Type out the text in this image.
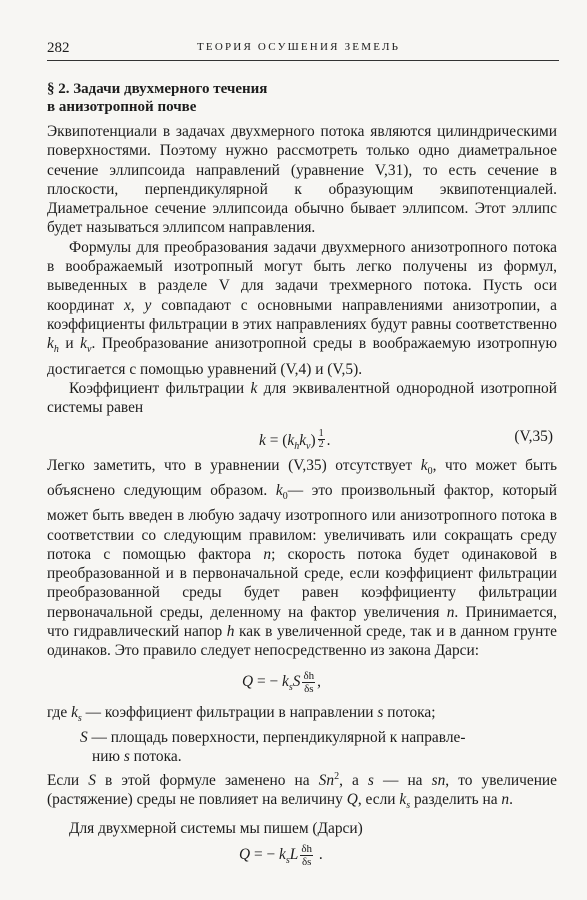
282	ТЕОРИЯ ОСУШЕНИЯ ЗЕМЕЛЬ
§ 2. Задачи двухмерного течения
в анизотропной почве

Эквипотенциали в задачах двухмерного потока являются цилиндрическими поверхностями. Поэтому нужно рассмотреть только одно диаметральное сечение эллипсоида направлений (уравнение V,31), то есть сечение в плоскости, перпендикулярной к образующим эквипотенциалей. Диаметральное сечение эллипсоида обычно бывает эллипсом. Этот эллипс будет называться эллипсом направления.

Формулы для преобразования задачи двухмерного анизотропного потока в воображаемый изотропный могут быть легко получены из формул, выведенных в разделе V для задачи трехмерного потока. Пусть оси координат x, y совпадают с основными направлениями анизотропии, а коэффициенты фильтрации в этих направлениях будут равны соответственно $k_h$ и $k_v$. Преобразование анизотропной среды в воображаемую изотропную достигается с помощью уравнений (V,4) и (V,5).

Коэффициент фильтрации k для эквивалентной однородной изотропной системы равен

$k = (k_hk_v)$ $^{\frac{1}{2}}$ .	(V,35)

Легко заметить, что в уравнении (V,35) отсутствует $k_0$, что может быть объяснено следующим образом. $k_0—$ это произвольный фактор, который может быть введен в любую задачу изотропного или анизотропного потока в соответствии со следующим правилом: увеличивать или сокращать среду потока с помощью фактора n; скорость потока будет одинаковой в преобразованной и в первоначальной среде, если коэффициент фильтрации преобразованной среды будет равен коэффициенту фильтрации первоначальной среды, деленному на фактор увеличения n. Принимается, что гидравлический напор h как в увеличенной среде, так и в данном грунте одинаков. Это правило следует непосредственно из закона Дарси:

Q = − $k_sS \frac{\delta h}{\delta s}$ ,
где $k_s$ — коэффициент фильтрации в направлении s потока;
S — площадь поверхности, перпендикулярной к направле-
нию s потока.

Если S в этой формуле заменено на Sn$^2$, а s — на sn, то увеличение (растяжение) среды не повлияет на величину Q, если $k_s$ разделить на n.

Для двухмерной системы мы пишем (Дарси)

Q = − $k_sL \frac{\delta h}{\delta s}$ .
